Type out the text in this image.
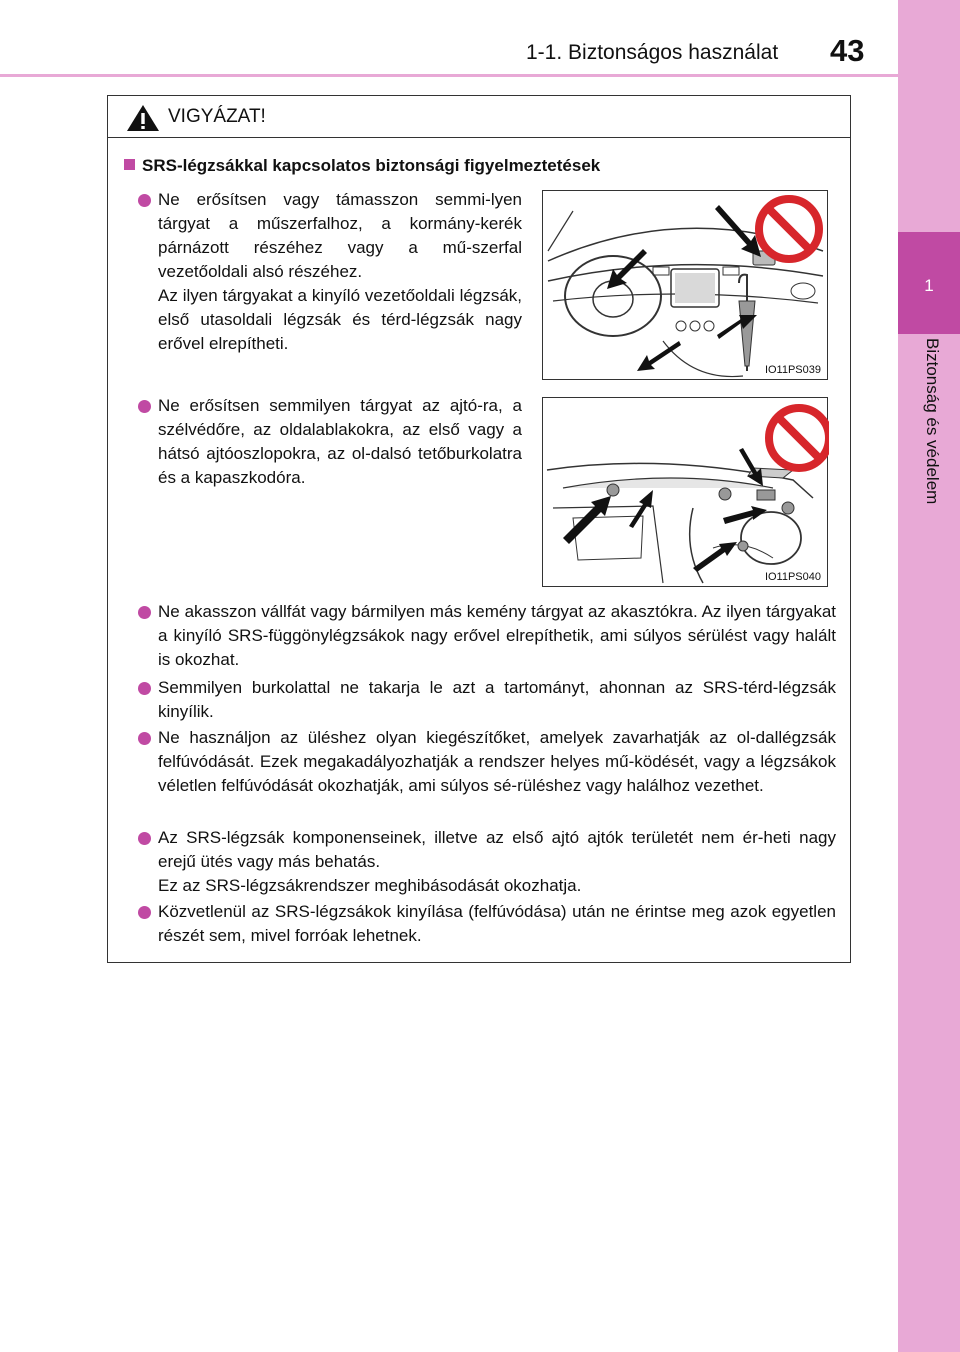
1-1. Biztonságos használat 43
1
Biztonság és védelem
VIGYÁZAT!
SRS-légzsákkal kapcsolatos biztonsági figyelmeztetések

Ne erősítsen vagy támasszon semmi-lyen tárgyat a műszerfalhoz, a kormány-kerék párnázott részéhez vagy a mű-szerfal vezetőoldali alsó részéhez.

Az ilyen tárgyakat a kinyíló vezetőoldali légzsák, első utasoldali légzsák és térd-légzsák nagy erővel elrepítheti.

IO11PS039

Ne erősítsen semmilyen tárgyat az ajtó-ra, a szélvédőre, az oldalablakokra, az első vagy a hátsó ajtóoszlopokra, az ol-dalsó tetőburkolatra és a kapaszkodóra.

IO11PS040

Ne akasszon vállfát vagy bármilyen más kemény tárgyat az akasztókra. Az ilyen tárgyakat a kinyíló SRS-függönylégzsákok nagy erővel elrepíthetik, ami súlyos sérülést vagy halált is okozhat.

Semmilyen burkolattal ne takarja le azt a tartományt, ahonnan az SRS-térd-légzsák kinyílik.

Ne használjon az üléshez olyan kiegészítőket, amelyek zavarhatják az ol-dallégzsák felfúvódását. Ezek megakadályozhatják a rendszer helyes mű-ködését, vagy a légzsákok véletlen felfúvódását okozhatják, ami súlyos sé-rüléshez vagy halálhoz vezethet.

Az SRS-légzsák komponenseinek, illetve az első ajtó ajtók területét nem ér-heti nagy erejű ütés vagy más behatás.

Ez az SRS-légzsákrendszer meghibásodását okozhatja.

Közvetlenül az SRS-légzsákok kinyílása (felfúvódása) után ne érintse meg azok egyetlen részét sem, mivel forróak lehetnek.
